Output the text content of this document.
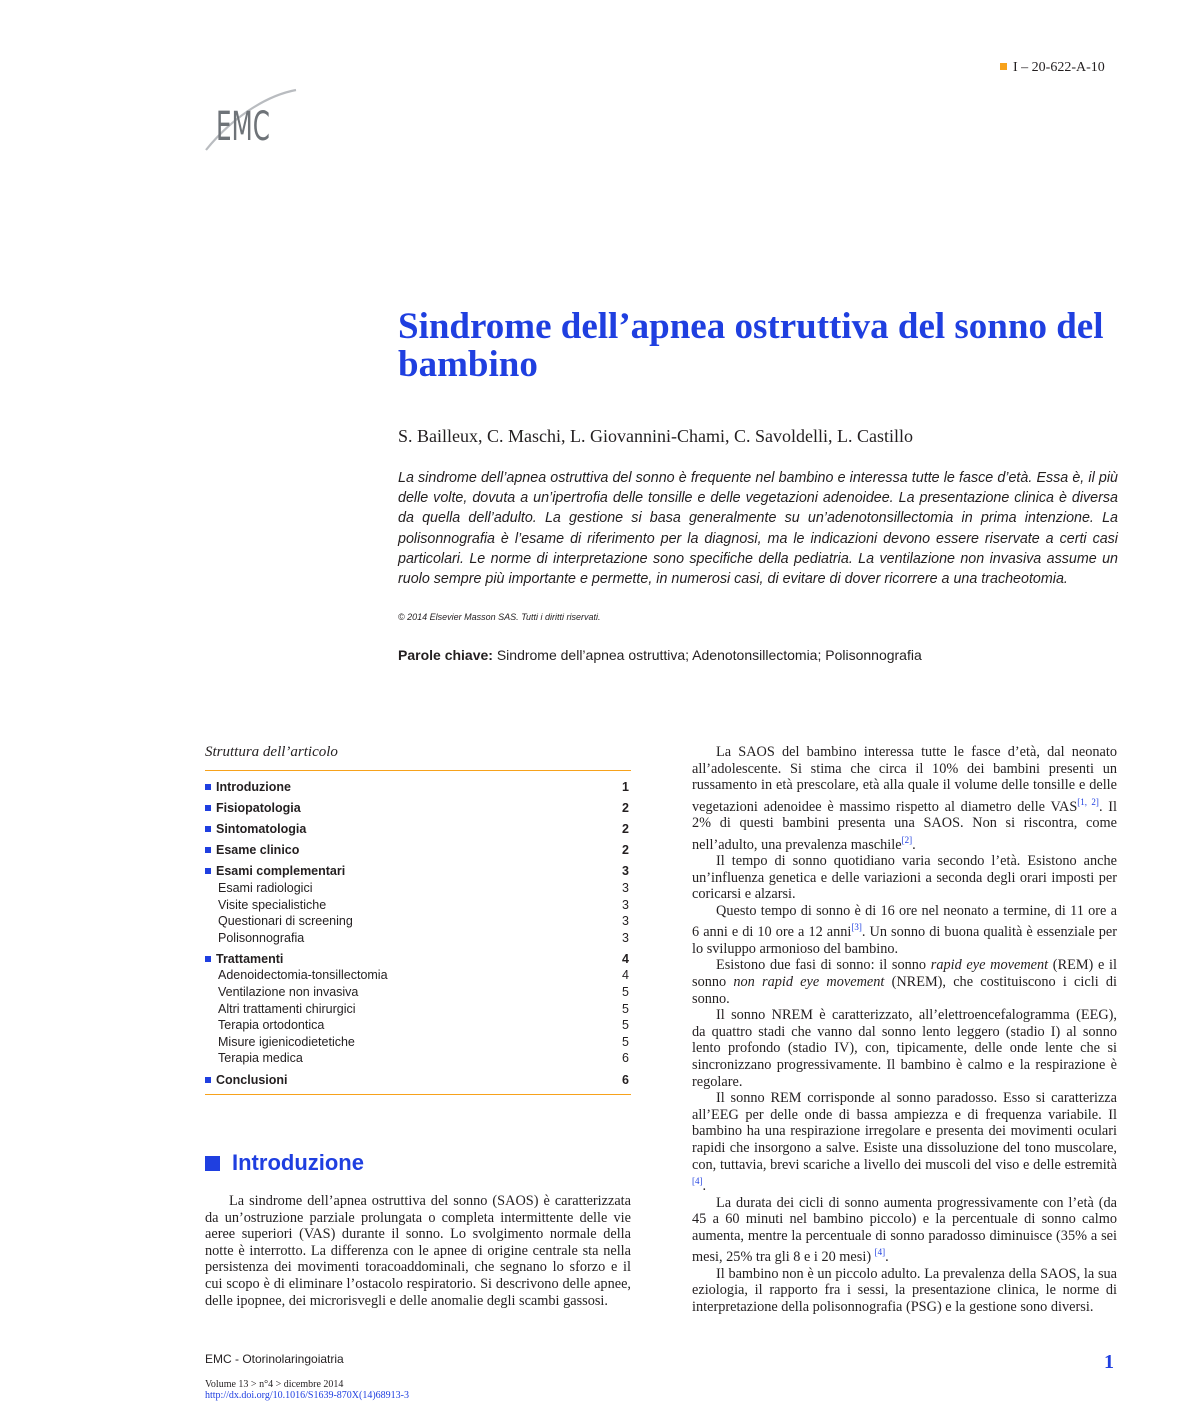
EMC
I – 20-622-A-10
Sindrome dell’apnea ostruttiva del sonno del bambino
S. Bailleux, C. Maschi, L. Giovannini-Chami, C. Savoldelli, L. Castillo

La sindrome dell’apnea ostruttiva del sonno è frequente nel bambino e interessa tutte le fasce d’età. Essa è, il più delle volte, dovuta a un’ipertrofia delle tonsille e delle vegetazioni adenoidee. La presentazione clinica è diversa da quella dell’adulto. La gestione si basa generalmente su un’adenotonsillectomia in prima intenzione. La polisonnografia è l’esame di riferimento per la diagnosi, ma le indicazioni devono essere riservate a certi casi particolari. Le norme di interpretazione sono specifiche della pediatria. La ventilazione non invasiva assume un ruolo sempre più importante e permette, in numerosi casi, di evitare di dover ricorrere a una tracheotomia.

© 2014 Elsevier Masson SAS. Tutti i diritti riservati.
Parole chiave: Sindrome dell’apnea ostruttiva; Adenotonsillectomia; Polisonnografia
Struttura dell’articolo
Introduzione	1
Fisiopatologia	2
Sintomatologia	2
Esame clinico	2
Esami complementari	3
Esami radiologici	3
Visite specialistiche	3
Questionari di screening	3
Polisonnografia	3
Trattamenti	4
Adenoidectomia-tonsillectomia	4
Ventilazione non invasiva	5
Altri trattamenti chirurgici	5
Terapia ortodontica	5
Misure igienicodietetiche	5
Terapia medica	6
Conclusioni	6
Introduzione

La sindrome dell’apnea ostruttiva del sonno (SAOS) è caratterizzata da un’ostruzione parziale prolungata o completa intermittente delle vie aeree superiori (VAS) durante il sonno. Lo svolgimento normale della notte è interrotto. La differenza con le apnee di origine centrale sta nella persistenza dei movimenti toracoaddominali, che segnano lo sforzo e il cui scopo è di eliminare l’ostacolo respiratorio. Si descrivono delle apnee, delle ipopnee, dei microrisvegli e delle anomalie degli scambi gassosi.

La SAOS del bambino interessa tutte le fasce d’età, dal neonato all’adolescente. Si stima che circa il 10% dei bambini presenti un russamento in età prescolare, età alla quale il volume delle tonsille e delle vegetazioni adenoidee è massimo rispetto al diametro delle VAS[1, 2]. Il 2% di questi bambini presenta una SAOS. Non si riscontra, come nell’adulto, una prevalenza maschile[2].

Il tempo di sonno quotidiano varia secondo l’età. Esistono anche un’influenza genetica e delle variazioni a seconda degli orari imposti per coricarsi e alzarsi.

Questo tempo di sonno è di 16 ore nel neonato a termine, di 11 ore a 6 anni e di 10 ore a 12 anni[3]. Un sonno di buona qualità è essenziale per lo sviluppo armonioso del bambino.

Esistono due fasi di sonno: il sonno rapid eye movement (REM) e il sonno non rapid eye movement (NREM), che costituiscono i cicli di sonno.

Il sonno NREM è caratterizzato, all’elettroencefalogramma (EEG), da quattro stadi che vanno dal sonno lento leggero (stadio I) al sonno lento profondo (stadio IV), con, tipicamente, delle onde lente che si sincronizzano progressivamente. Il bambino è calmo e la respirazione è regolare.

Il sonno REM corrisponde al sonno paradosso. Esso si caratterizza all’EEG per delle onde di bassa ampiezza e di frequenza variabile. Il bambino ha una respirazione irregolare e presenta dei movimenti oculari rapidi che insorgono a salve. Esiste una dissoluzione del tono muscolare, con, tuttavia, brevi scariche a livello dei muscoli del viso e delle estremità [4].

La durata dei cicli di sonno aumenta progressivamente con l’età (da 45 a 60 minuti nel bambino piccolo) e la percentuale di sonno calmo aumenta, mentre la percentuale di sonno paradosso diminuisce (35% a sei mesi, 25% tra gli 8 e i 20 mesi) [4].

Il bambino non è un piccolo adulto. La prevalenza della SAOS, la sua eziologia, il rapporto fra i sessi, la presentazione clinica, le norme di interpretazione della polisonnografia (PSG) e la gestione sono diversi.

EMC - Otorinolaringoiatria
Volume 13 > n°4 > dicembre 2014
http://dx.doi.org/10.1016/S1639-870X(14)68913-3
1
